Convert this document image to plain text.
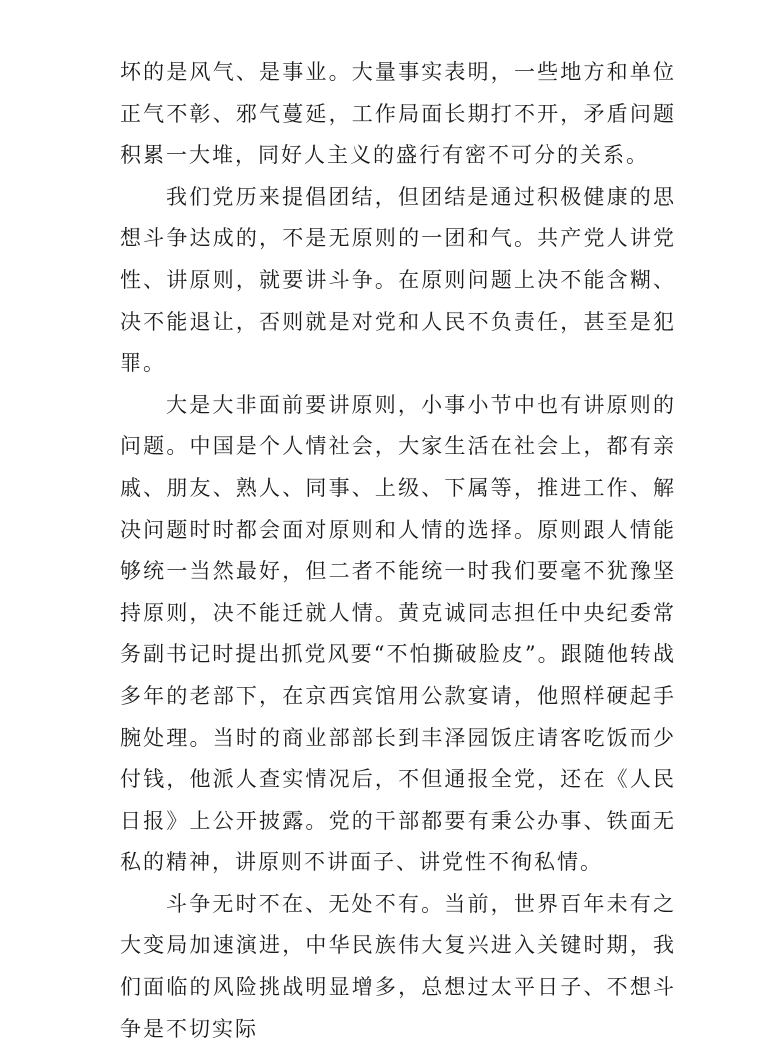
坏的是风气、是事业。大量事实表明，一些地方和单位正气不彰、邪气蔓延，工作局面长期打不开，矛盾问题积累一大堆，同好人主义的盛行有密不可分的关系。

我们党历来提倡团结，但团结是通过积极健康的思想斗争达成的，不是无原则的一团和气。共产党人讲党性、讲原则，就要讲斗争。在原则问题上决不能含糊、决不能退让，否则就是对党和人民不负责任，甚至是犯罪。

大是大非面前要讲原则，小事小节中也有讲原则的问题。中国是个人情社会，大家生活在社会上，都有亲戚、朋友、熟人、同事、上级、下属等，推进工作、解决问题时时都会面对原则和人情的选择。原则跟人情能够统一当然最好，但二者不能统一时我们要毫不犹豫坚持原则，决不能迁就人情。黄克诚同志担任中央纪委常务副书记时提出抓党风要“不怕撕破脸皮”。跟随他转战多年的老部下，在京西宾馆用公款宴请，他照样硬起手腕处理。当时的商业部部长到丰泽园饭庄请客吃饭而少付钱，他派人查实情况后，不但通报全党，还在《人民日报》上公开披露。党的干部都要有秉公办事、铁面无私的精神，讲原则不讲面子、讲党性不徇私情。

斗争无时不在、无处不有。当前，世界百年未有之大变局加速演进，中华民族伟大复兴进入关键时期，我们面临的风险挑战明显增多，总想过太平日子、不想斗争是不切实际
